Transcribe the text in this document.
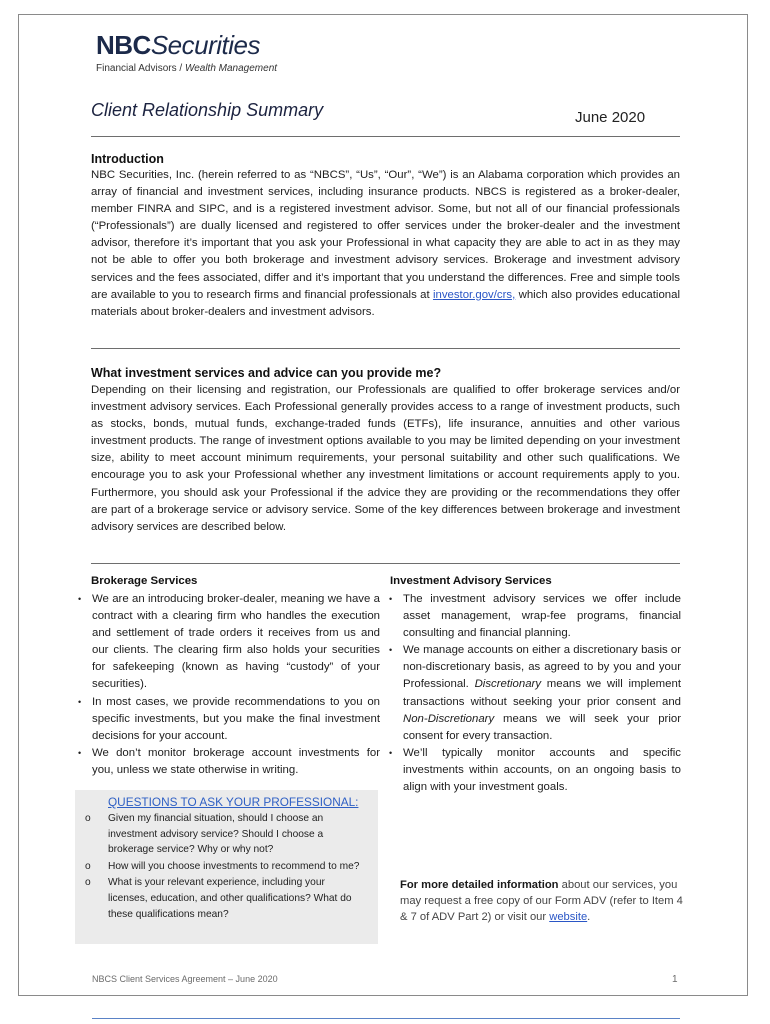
NBCSecurities
Financial Advisors / Wealth Management
Client Relationship Summary	June 2020
Introduction

NBC Securities, Inc. (herein referred to as “NBCS”, “Us”, “Our”, “We”) is an Alabama corporation which provides an array of financial and investment services, including insurance products. NBCS is registered as a broker-dealer, member FINRA and SIPC, and is a registered investment advisor. Some, but not all of our financial professionals (“Professionals”) are dually licensed and registered to offer services under the broker-dealer and the investment advisor, therefore it’s important that you ask your Professional in what capacity they are able to act in as they may not be able to offer you both brokerage and investment advisory services. Brokerage and investment advisory services and the fees associated, differ and it’s important that you understand the differences. Free and simple tools are available to you to research firms and financial professionals at investor.gov/crs, which also provides educational materials about broker-dealers and investment advisors.

What investment services and advice can you provide me?

Depending on their licensing and registration, our Professionals are qualified to offer brokerage services and/or investment advisory services. Each Professional generally provides access to a range of investment products, such as stocks, bonds, mutual funds, exchange-traded funds (ETFs), life insurance, annuities and other various investment products. The range of investment options available to you may be limited depending on your investment size, ability to meet account minimum requirements, your personal suitability and other such qualifications. We encourage you to ask your Professional whether any investment limitations or account requirements apply to you. Furthermore, you should ask your Professional if the advice they are providing or the recommendations they offer are part of a brokerage service or advisory service. Some of the key differences between brokerage and investment advisory services are described below.

Brokerage Services
• We are an introducing broker-dealer, meaning we have a contract with a clearing firm who handles the execution and settlement of trade orders it receives from us and our clients. The clearing firm also holds your securities for safekeeping (known as having “custody” of your securities).
• In most cases, we provide recommendations to you on specific investments, but you make the final investment decisions for your account.
• We don’t monitor brokerage account investments for you, unless we state otherwise in writing.
Investment Advisory Services
• The investment advisory services we offer include asset management, wrap-fee programs, financial consulting and financial planning.
• We manage accounts on either a discretionary basis or non-discretionary basis, as agreed to by you and your Professional. Discretionary means we will implement transactions without seeking your prior consent and Non-Discretionary means we will seek your prior consent for every transaction.
• We’ll typically monitor accounts and specific investments within accounts, on an ongoing basis to align with your investment goals.
QUESTIONS TO ASK YOUR PROFESSIONAL:
o Given my financial situation, should I choose an investment advisory service? Should I choose a brokerage service? Why or why not?
o How will you choose investments to recommend to me?
o What is your relevant experience, including your licenses, education, and other qualifications? What do these qualifications mean?
For more detailed information about our services, you may request a free copy of our Form ADV (refer to Item 4 & 7 of ADV Part 2) or visit our website.
NBCS Client Services Agreement – June 2020	1
